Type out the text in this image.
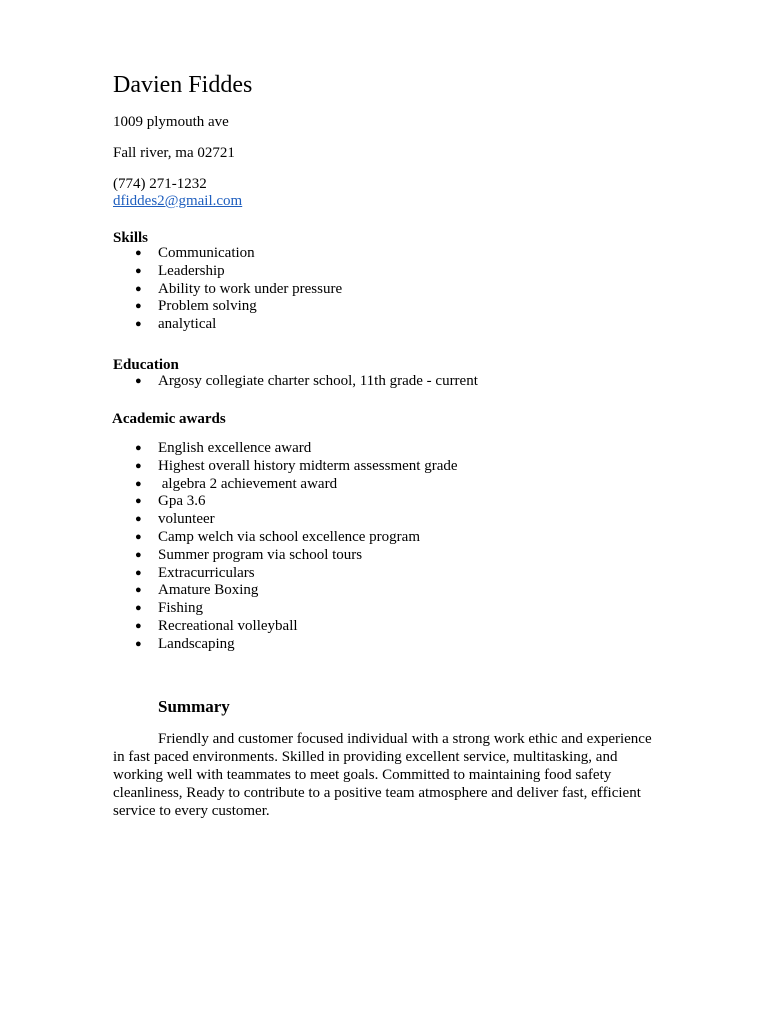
Davien Fiddes
1009 plymouth ave
Fall river, ma 02721
(774) 271-1232
dfiddes2@gmail.com
Skills
●	Communication
●	Leadership
●	Ability to work under pressure
●	Problem solving
●	analytical
Education
●	Argosy collegiate charter school, 11th grade - current
Academic awards
●	English excellence award
●	Highest overall history midterm assessment grade
●	algebra 2 achievement award
●	Gpa 3.6
●	volunteer
●	Camp welch via school excellence program
●	Summer program via school tours
●	Extracurriculars
●	Amature Boxing
●	Fishing
●	Recreational volleyball
●	Landscaping
Summary

Friendly and customer focused individual with a strong work ethic and experience in fast paced environments. Skilled in providing excellent service, multitasking, and working well with teammates to meet goals. Committed to maintaining food safety cleanliness, Ready to contribute to a positive team atmosphere and deliver fast, efficient service to every customer.
